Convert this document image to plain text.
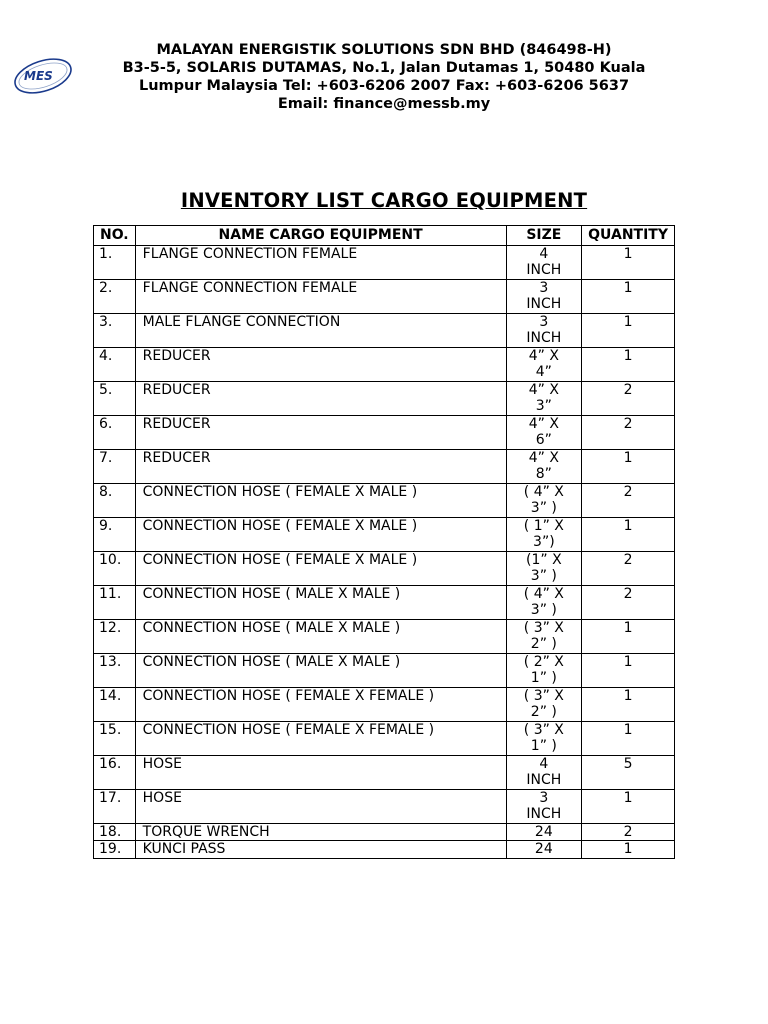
MES
MALAYAN ENERGISTIK SOLUTIONS SDN BHD (846498-H)
B3-5-5, SOLARIS DUTAMAS, No.1, Jalan Dutamas 1, 50480 Kuala
Lumpur Malaysia Tel: +603-6206 2007 Fax: +603-6206 5637
Email: finance@messb.my
INVENTORY LIST CARGO EQUIPMENT
NO.	NAME CARGO EQUIPMENT	SIZE	QUANTITY
1.	FLANGE CONNECTION FEMALE	4 INCH	1
2.	FLANGE CONNECTION FEMALE	3 INCH	1
3.	MALE FLANGE CONNECTION	3 INCH	1
4.	REDUCER	4” X 4”	1
5.	REDUCER	4” X 3”	2
6.	REDUCER	4” X 6”	2
7.	REDUCER	4” X 8”	1
8.	CONNECTION HOSE ( FEMALE X MALE )	( 4” X 3” )	2
9.	CONNECTION HOSE ( FEMALE X MALE )	( 1” X 3”)	1
10.	CONNECTION HOSE ( FEMALE X MALE )	(1” X 3” )	2
11.	CONNECTION HOSE ( MALE X MALE )	( 4” X 3” )	2
12.	CONNECTION HOSE ( MALE X MALE )	( 3” X 2” )	1
13.	CONNECTION HOSE ( MALE X MALE )	( 2” X 1” )	1
14.	CONNECTION HOSE ( FEMALE X FEMALE )	( 3” X 2” )	1
15.	CONNECTION HOSE ( FEMALE X FEMALE )	( 3” X 1” )	1
16.	HOSE	4 INCH	5
17.	HOSE	3 INCH	1
18.	TORQUE WRENCH	24	2
19.	KUNCI PASS	24	1
